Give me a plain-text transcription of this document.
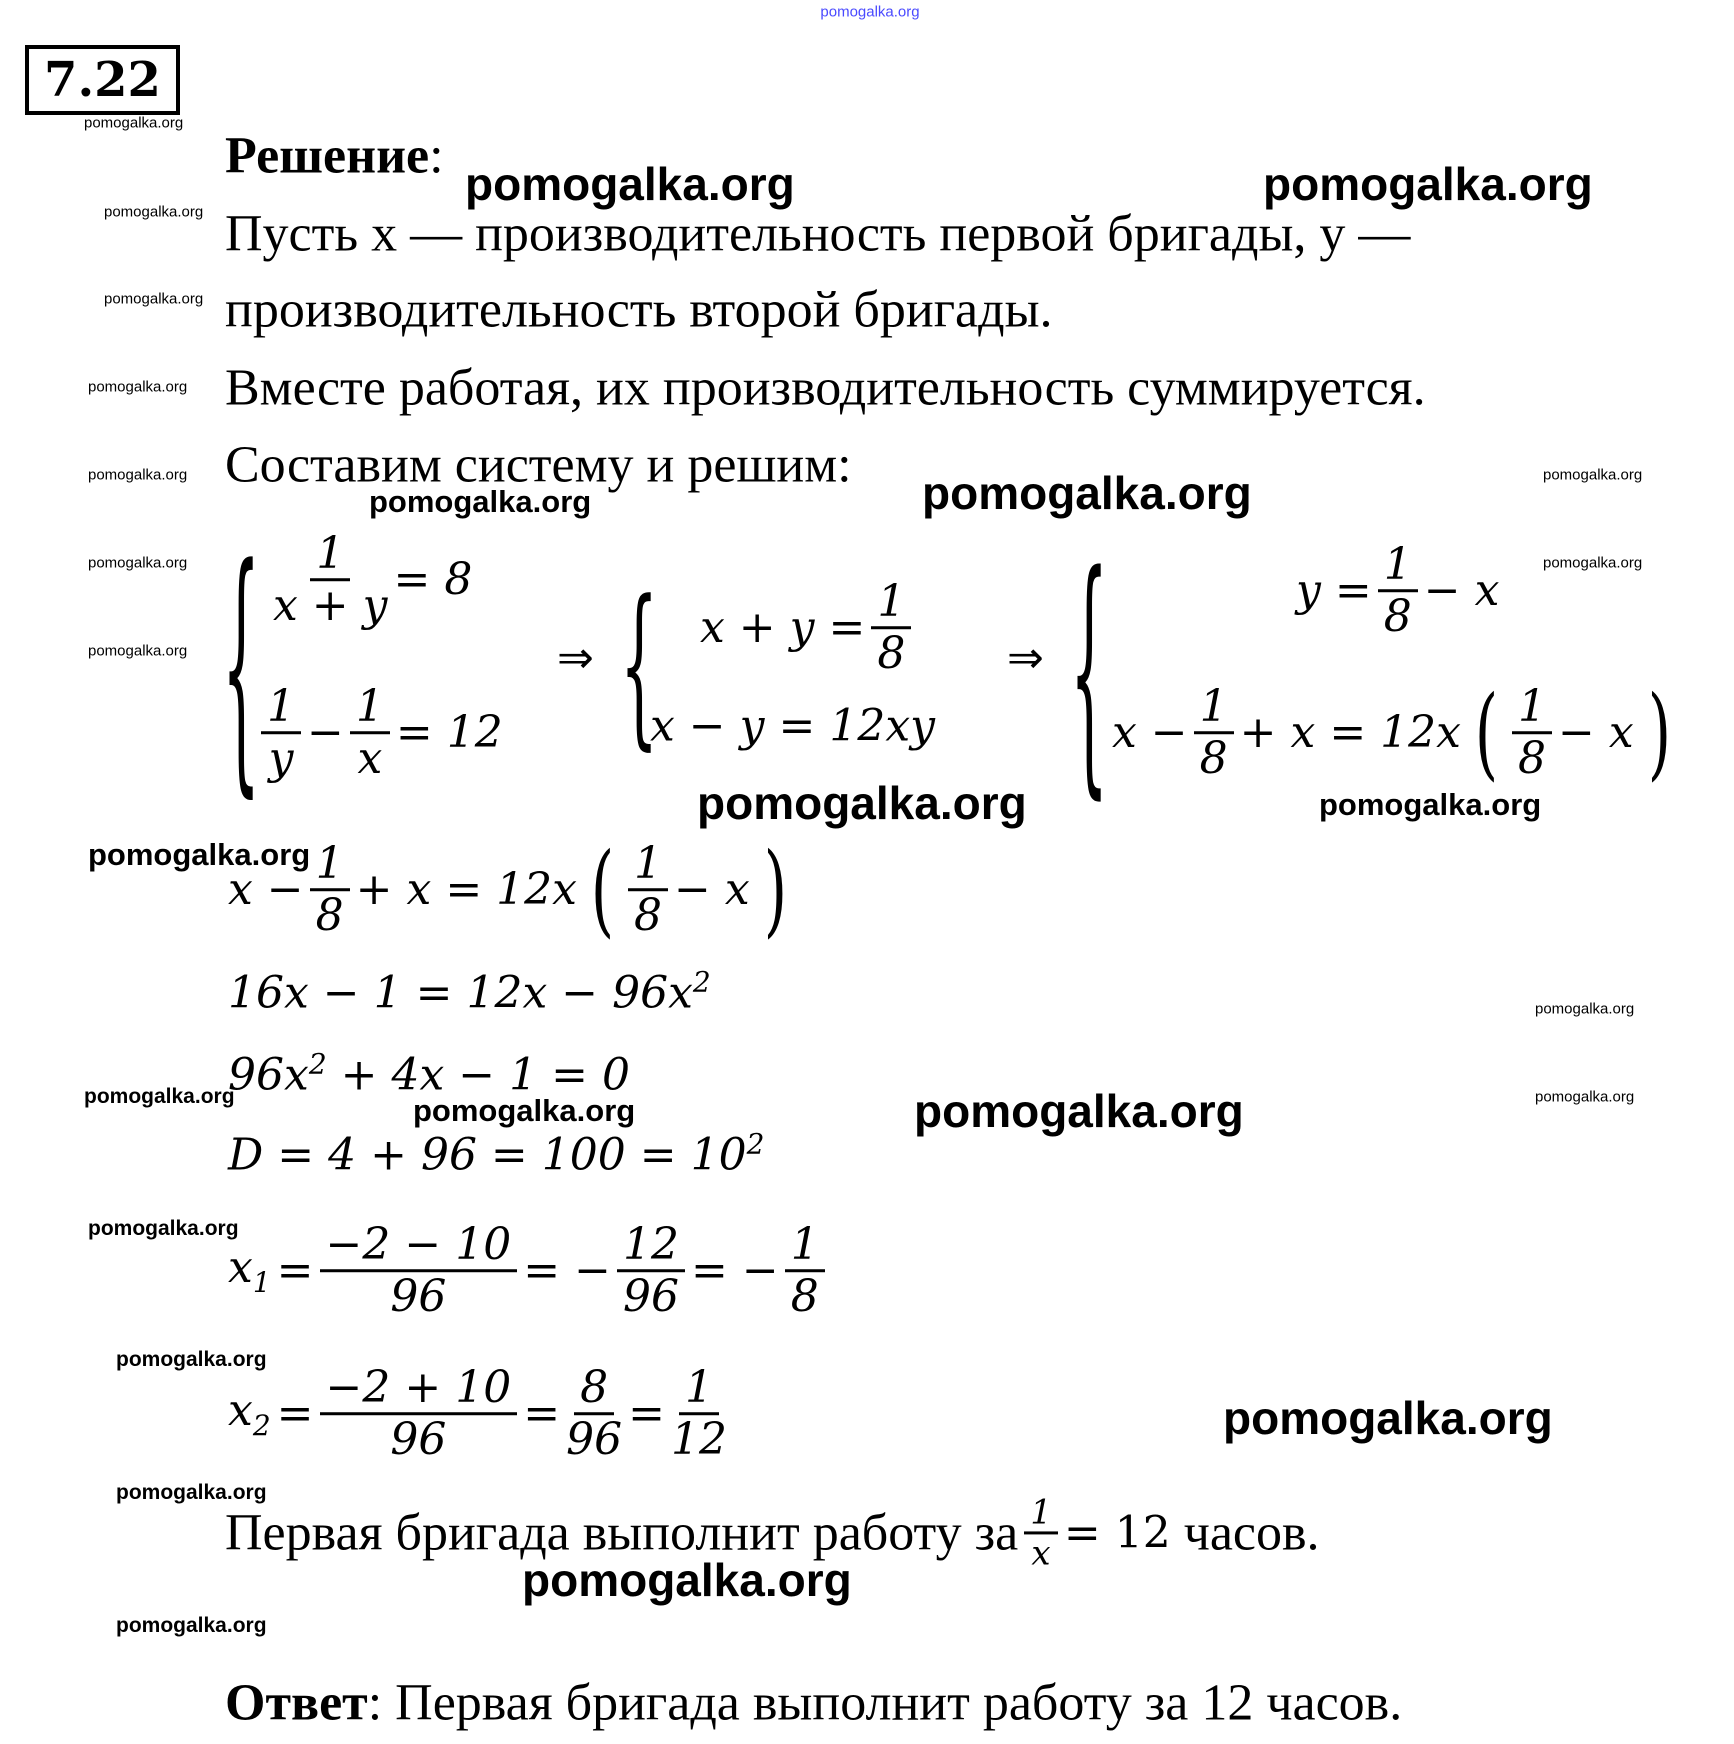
pomogalka.org
7.22
Решение:
Пусть x — производительность первой бригады, y —
производительность второй бригады.
Вместе работая, их производительность суммируется.
Составим систему и решим:
{ $\frac{1}{x + y} = 8$
1
y
− $\frac{1}{x} = 12$
⇒ { $x + y = \frac{1}{8}$
x − y = 12xy
⇒ {	$y = \frac{1}{8} - x$
$x - \frac{1}{8} + x = 12x$ ( 1
8
− x )
$x - \frac{1}{8} + x = 12x$ ( 1
8
− x )
$16x - 1 = 12x - 96x^2$
$96x^2 + 4x - 1 = 0$
$D = 4 + 96 = 100 = 10^2$
$x_1 = \frac{-2 - 10}{96}$ = − $\frac{12}{96}$ = − $\frac{1}{8}$
$x_2 = \frac{-2 + 10}{96} = \frac{8}{96} = \frac{1}{12}$
Первая бригада выполнит работу за $\frac{1}{x} = 12$
часов.
Ответ: Первая бригада выполнит работу за 12 часов.
pomogalka.org
pomogalka.org
pomogalka.org
pomogalka.org
pomogalka.org	pomogalka.org
pomogalka.org	pomogalka.org
pomogalka.org
pomogalka.org
pomogalka.org
pomogalka.org
pomogalka.org
pomogalka.org
pomogalka.org
pomogalka.org
pomogalka.org
pomogalka.org
pomogalka.org
pomogalka.org
pomogalka.org	pomogalka.org
pomogalka.org
pomogalka.org
pomogalka.org
pomogalka.org
pomogalka.org
